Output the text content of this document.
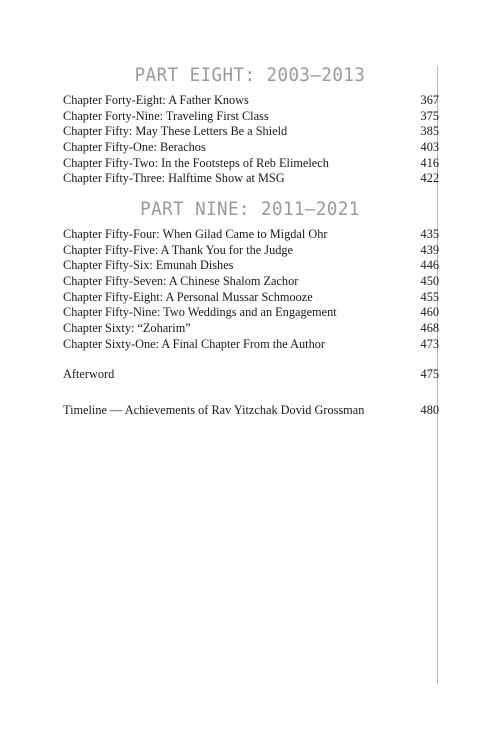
PART EIGHT: 2003–2013
Chapter Forty-Eight: A Father Knows	367
Chapter Forty-Nine: Traveling First Class	375
Chapter Fifty: May These Letters Be a Shield	385
Chapter Fifty-One: Berachos	403
Chapter Fifty-Two: In the Footsteps of Reb Elimelech	416
Chapter Fifty-Three: Halftime Show at MSG	422
PART NINE: 2011–2021
Chapter Fifty-Four: When Gilad Came to Migdal Ohr	435
Chapter Fifty-Five: A Thank You for the Judge	439
Chapter Fifty-Six: Emunah Dishes	446
Chapter Fifty-Seven: A Chinese Shalom Zachor	450
Chapter Fifty-Eight: A Personal Mussar Schmooze	455
Chapter Fifty-Nine: Two Weddings and an Engagement	460
Chapter Sixty: “Zoharim”	468
Chapter Sixty-One: A Final Chapter From the Author	473
Afterword	475
Timeline — Achievements of Rav Yitzchak Dovid Grossman	480
